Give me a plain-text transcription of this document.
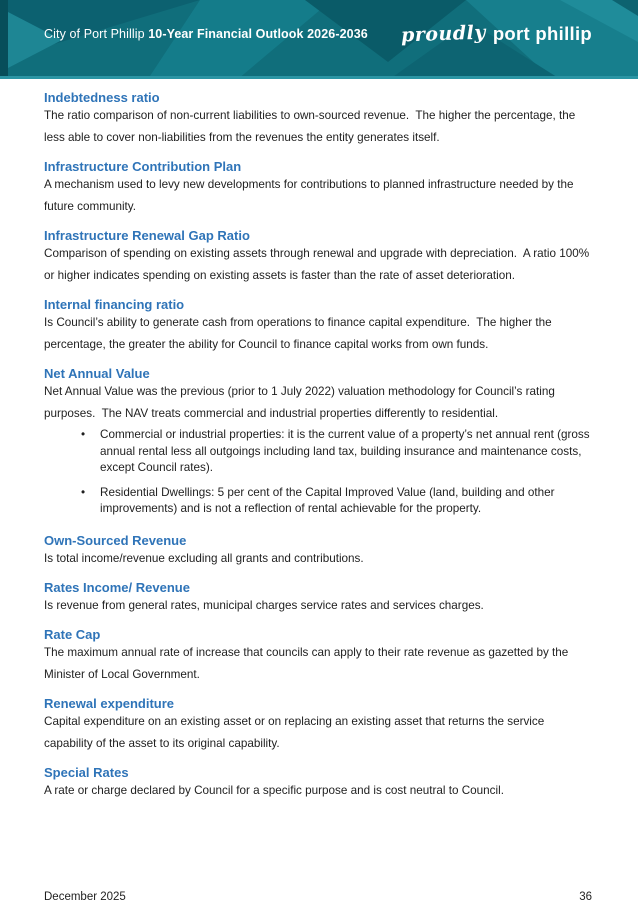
City of Port Phillip 10-Year Financial Outlook 2026-2036 proudly port phillip
Indebtedness ratio
The ratio comparison of non-current liabilities to own-sourced revenue.  The higher the percentage, the less able to cover non-liabilities from the revenues the entity generates itself.
Infrastructure Contribution Plan
A mechanism used to levy new developments for contributions to planned infrastructure needed by the future community.
Infrastructure Renewal Gap Ratio
Comparison of spending on existing assets through renewal and upgrade with depreciation.  A ratio 100% or higher indicates spending on existing assets is faster than the rate of asset deterioration.
Internal financing ratio
Is Council’s ability to generate cash from operations to finance capital expenditure.  The higher the percentage, the greater the ability for Council to finance capital works from own funds.
Net Annual Value
Net Annual Value was the previous (prior to 1 July 2022) valuation methodology for Council’s rating purposes.  The NAV treats commercial and industrial properties differently to residential.
• Commercial or industrial properties: it is the current value of a property’s net annual rent (gross annual rental less all outgoings including land tax, building insurance and maintenance costs, except Council rates).
• Residential Dwellings: 5 per cent of the Capital Improved Value (land, building and other improvements) and is not a reflection of rental achievable for the property.
Own-Sourced Revenue
Is total income/revenue excluding all grants and contributions.
Rates Income/ Revenue
Is revenue from general rates, municipal charges service rates and services charges.
Rate Cap
The maximum annual rate of increase that councils can apply to their rate revenue as gazetted by the Minister of Local Government.
Renewal expenditure
Capital expenditure on an existing asset or on replacing an existing asset that returns the service capability of the asset to its original capability.
Special Rates
A rate or charge declared by Council for a specific purpose and is cost neutral to Council.
December 2025	36
